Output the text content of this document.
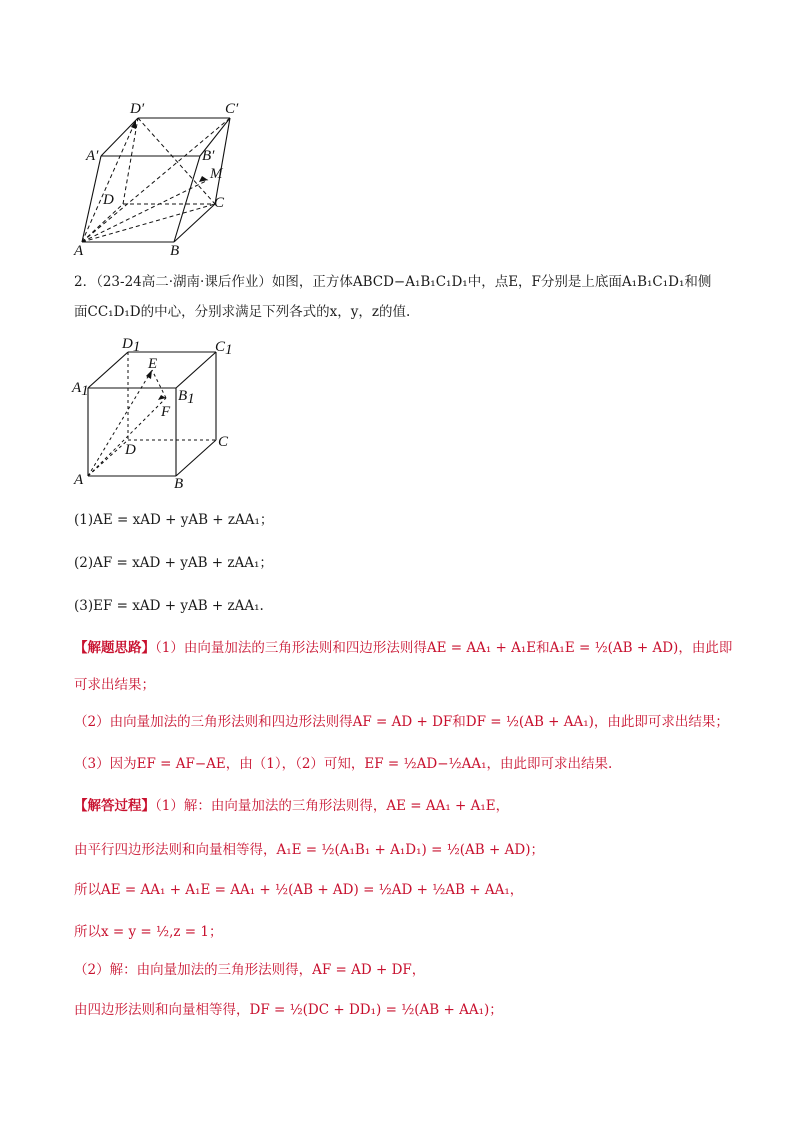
D′	C′
A′	B′
M
D	C
A	B
2．（23-24高二·湖南·课后作业）如图，正方体ABCD−A₁B₁C₁D₁中，点E，F分别是上底面A₁B₁C₁D₁和侧
面CC₁D₁D的中心，分别求满足下列各式的x，y，z的值.
D1	C1
A1	B1
E
F
D	C
A	B
(1)AE = xAD + yAB + zAA₁；
(2)AF = xAD + yAB + zAA₁；
(3)EF = xAD + yAB + zAA₁.
【解题思路】（1）由向量加法的三角形法则和四边形法则得AE = AA₁ + A₁E和A₁E = ½(AB + AD)，由此即
可求出结果；
（2）由向量加法的三角形法则和四边形法则得AF = AD + DF和DF = ½(AB + AA₁)，由此即可求出结果；
（3）因为EF = AF−AE，由（1），（2）可知，EF = ½AD−½AA₁，由此即可求出结果.
【解答过程】（1）解：由向量加法的三角形法则得，AE = AA₁ + A₁E，
由平行四边形法则和向量相等得，A₁E = ½(A₁B₁ + A₁D₁) = ½(AB + AD)；
所以AE = AA₁ + A₁E = AA₁ + ½(AB + AD) = ½AD + ½AB + AA₁，
所以x = y = ½,z = 1；
（2）解：由向量加法的三角形法则得，AF = AD + DF，
由四边形法则和向量相等得，DF = ½(DC + DD₁) = ½(AB + AA₁)；
